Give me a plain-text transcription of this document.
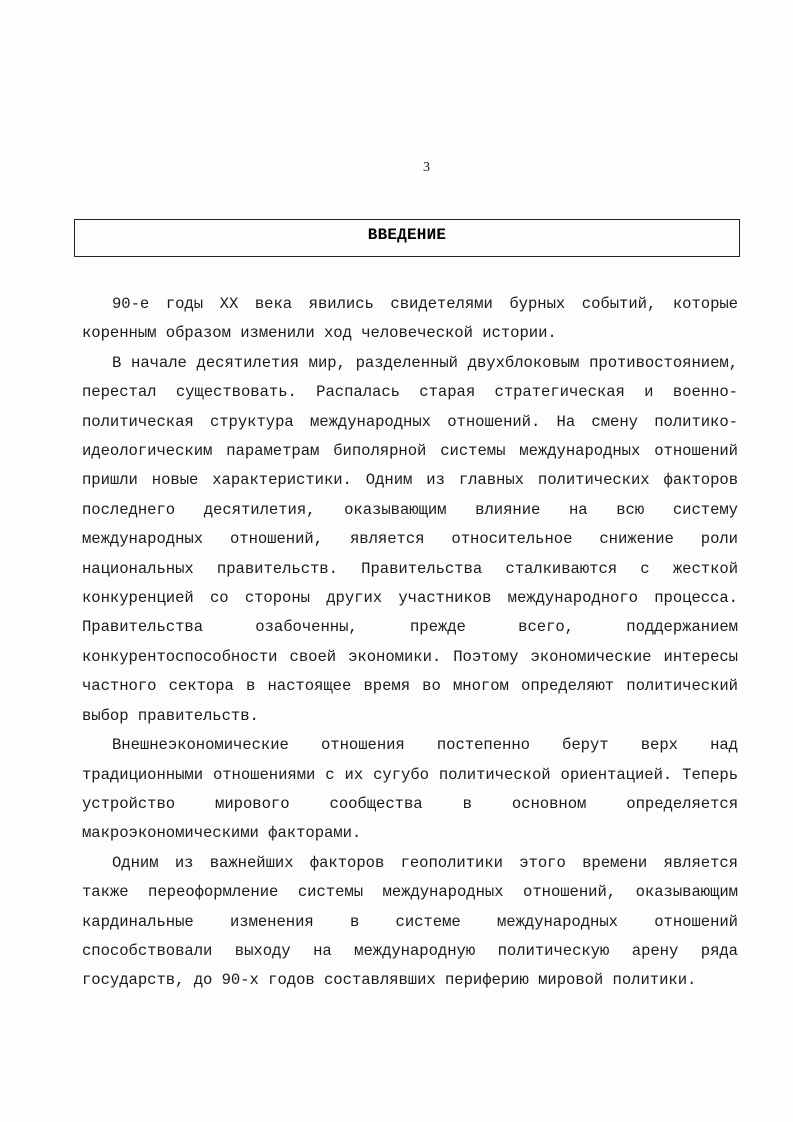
3
ВВЕДЕНИЕ

90-е годы XX века явились свидетелями бурных событий, которые коренным образом изменили ход человеческой истории.

В начале десятилетия мир, разделенный двухблоковым противостоянием, перестал существовать. Распалась старая стратегическая и военно-политическая структура международных отношений. На смену политико-идеологическим параметрам биполярной системы международных отношений пришли новые характеристики. Одним из главных политических факторов последнего десятилетия, оказывающим влияние на всю систему международных отношений, является относительное снижение роли национальных правительств. Правительства сталкиваются с жесткой конкуренцией со стороны других участников международного процесса. Правительства озабоченны, прежде всего, поддержанием конкурентоспособности своей экономики. Поэтому экономические интересы частного сектора в настоящее время во многом определяют политический выбор правительств.

Внешнеэкономические отношения постепенно берут верх над традиционными отношениями с их сугубо политической ориентацией. Теперь устройство мирового сообщества в основном определяется макроэкономическими факторами.

Одним из важнейших факторов геополитики этого времени является также переоформление системы международных отношений, оказывающим кардинальные изменения в системе международных отношений способствовали выходу на международную политическую арену ряда государств, до 90-х годов составлявших периферию мировой политики.
